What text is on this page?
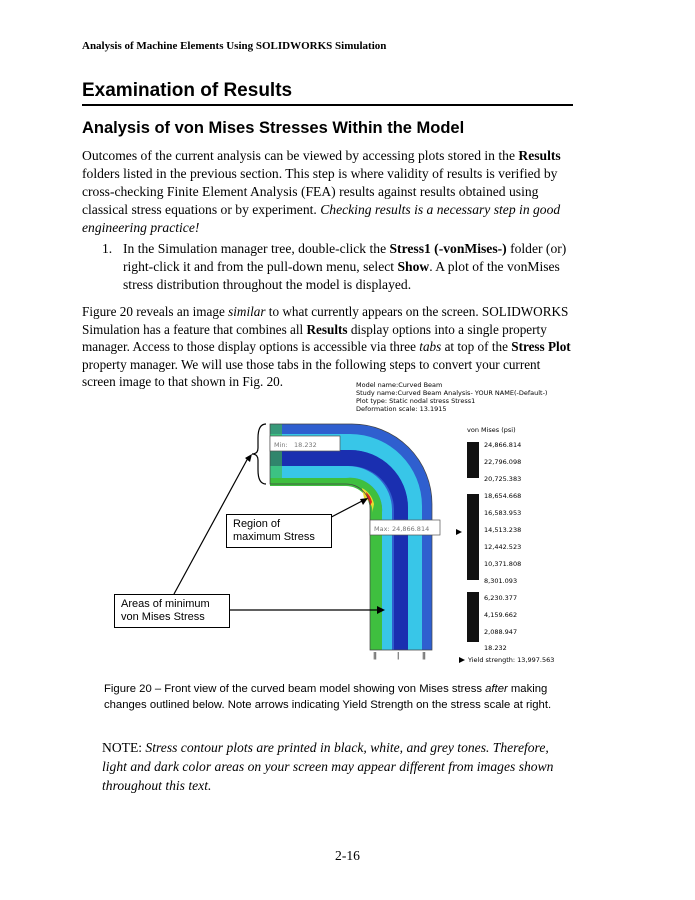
Analysis of Machine Elements Using SOLIDWORKS Simulation
Examination of Results
Analysis of von Mises Stresses Within the Model
Outcomes of the current analysis can be viewed by accessing plots stored in the Results folders listed in the previous section. This step is where validity of results is verified by cross-checking Finite Element Analysis (FEA) results against results obtained using classical stress equations or by experiment. Checking results is a necessary step in good engineering practice!
1. In the Simulation manager tree, double-click the Stress1 (-vonMises-) folder (or) right-click it and from the pull-down menu, select Show. A plot of the vonMises stress distribution throughout the model is displayed.
Figure 20 reveals an image similar to what currently appears on the screen. SOLIDWORKS Simulation has a feature that combines all Results display options into a single property manager. Access to those display options is accessible via three tabs at top of the Stress Plot property manager. We will use those tabs in the following steps to convert your current screen image to that shown in Fig. 20.	Model name:Curved Beam
Study name:Curved Beam Analysis- YOUR NAME(-Default-)
Plot type: Static nodal stress Stress1
Deformation scale: 13.1915
ǁ	ǀ	ǁ
Min: 18.232
Max: 24,866.814
von Mises (psi)
24,866.814
22,796.098
20,725.383
18,654.668
16,583.953
14,513.238
12,442.523
10,371.808
8,301.093
6,230.377
4,159.662
2,088.947
18.232
Yield strength: 13,997.563
Region of
maximum Stress
Areas of minimum
von Mises Stress
Figure 20 – Front view of the curved beam model showing von Mises stress after making changes outlined below. Note arrows indicating Yield Strength on the stress scale at right.
NOTE: Stress contour plots are printed in black, white, and grey tones. Therefore, light and dark color areas on your screen may appear different from images shown throughout this text.
2-16
